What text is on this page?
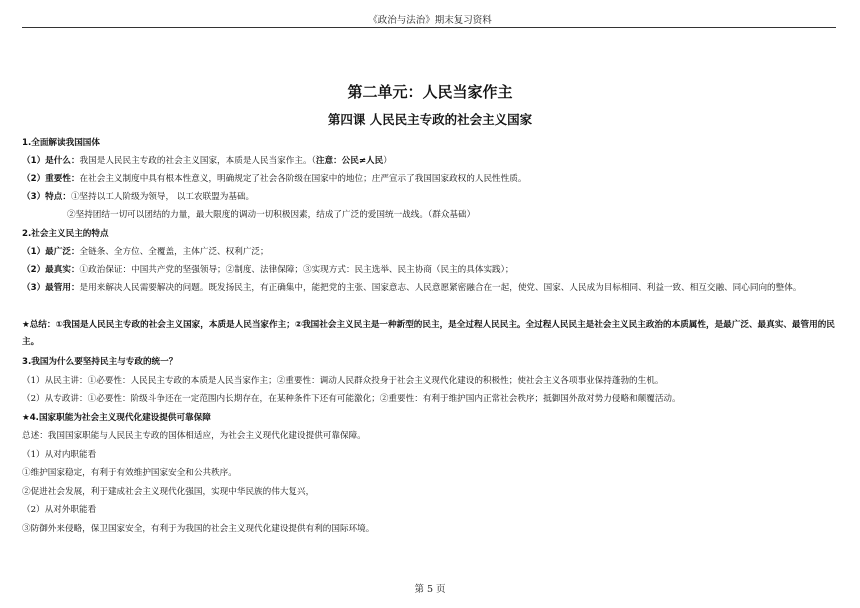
《政治与法治》期末复习资料
第二单元：人民当家作主
第四课 人民民主专政的社会主义国家
1.全面解读我国国体
（1）是什么：我国是人民民主专政的社会主义国家，本质是人民当家作主。（注意：公民≠人民）
（2）重要性：在社会主义制度中具有根本性意义，明确规定了社会各阶级在国家中的地位；庄严宣示了我国国家政权的人民性性质。
（3）特点：①坚持以工人阶级为领导， 以工农联盟为基础。
②坚持团结一切可以团结的力量，最大限度的调动一切积极因素，结成了广泛的爱国统一战线。（群众基础）
2.社会主义民主的特点
（1）最广泛：全链条、全方位、全覆盖，主体广泛、权利广泛；
（2）最真实：①政治保证：中国共产党的坚强领导；②制度、法律保障；③实现方式：民主选举、民主协商（民主的具体实践）；
（3）最管用：是用来解决人民需要解决的问题。既发扬民主，有正确集中，能把党的主张、国家意志、人民意愿紧密融合在一起，使党、国家、人民成为目标相同、利益一致、相互交融、同心同向的整体。
★总结：①我国是人民民主专政的社会主义国家，本质是人民当家作主；②我国社会主义民主是一种新型的民主，是全过程人民民主。全过程人民民主是社会主义民主政治的本质属性，是最广泛、最真实、最管用的民主。
3.我国为什么要坚持民主与专政的统一？
（1）从民主讲：①必要性：人民民主专政的本质是人民当家作主；②重要性：调动人民群众投身于社会主义现代化建设的积极性；使社会主义各项事业保持蓬勃的生机。
（2）从专政讲：①必要性：阶级斗争还在一定范围内长期存在，在某种条件下还有可能激化；②重要性：有利于维护国内正常社会秩序；抵御国外敌对势力侵略和颠覆活动。
★4.国家职能为社会主义现代化建设提供可靠保障
总述：我国国家职能与人民民主专政的国体相适应，为社会主义现代化建设提供可靠保障。
（1）从对内职能看
①维护国家稳定，有利于有效维护国家安全和公共秩序。
②促进社会发展，利于建成社会主义现代化强国，实现中华民族的伟大复兴，
（2）从对外职能看
③防御外来侵略，保卫国家安全，有利于为我国的社会主义现代化建设提供有利的国际环境。
第 5 页
